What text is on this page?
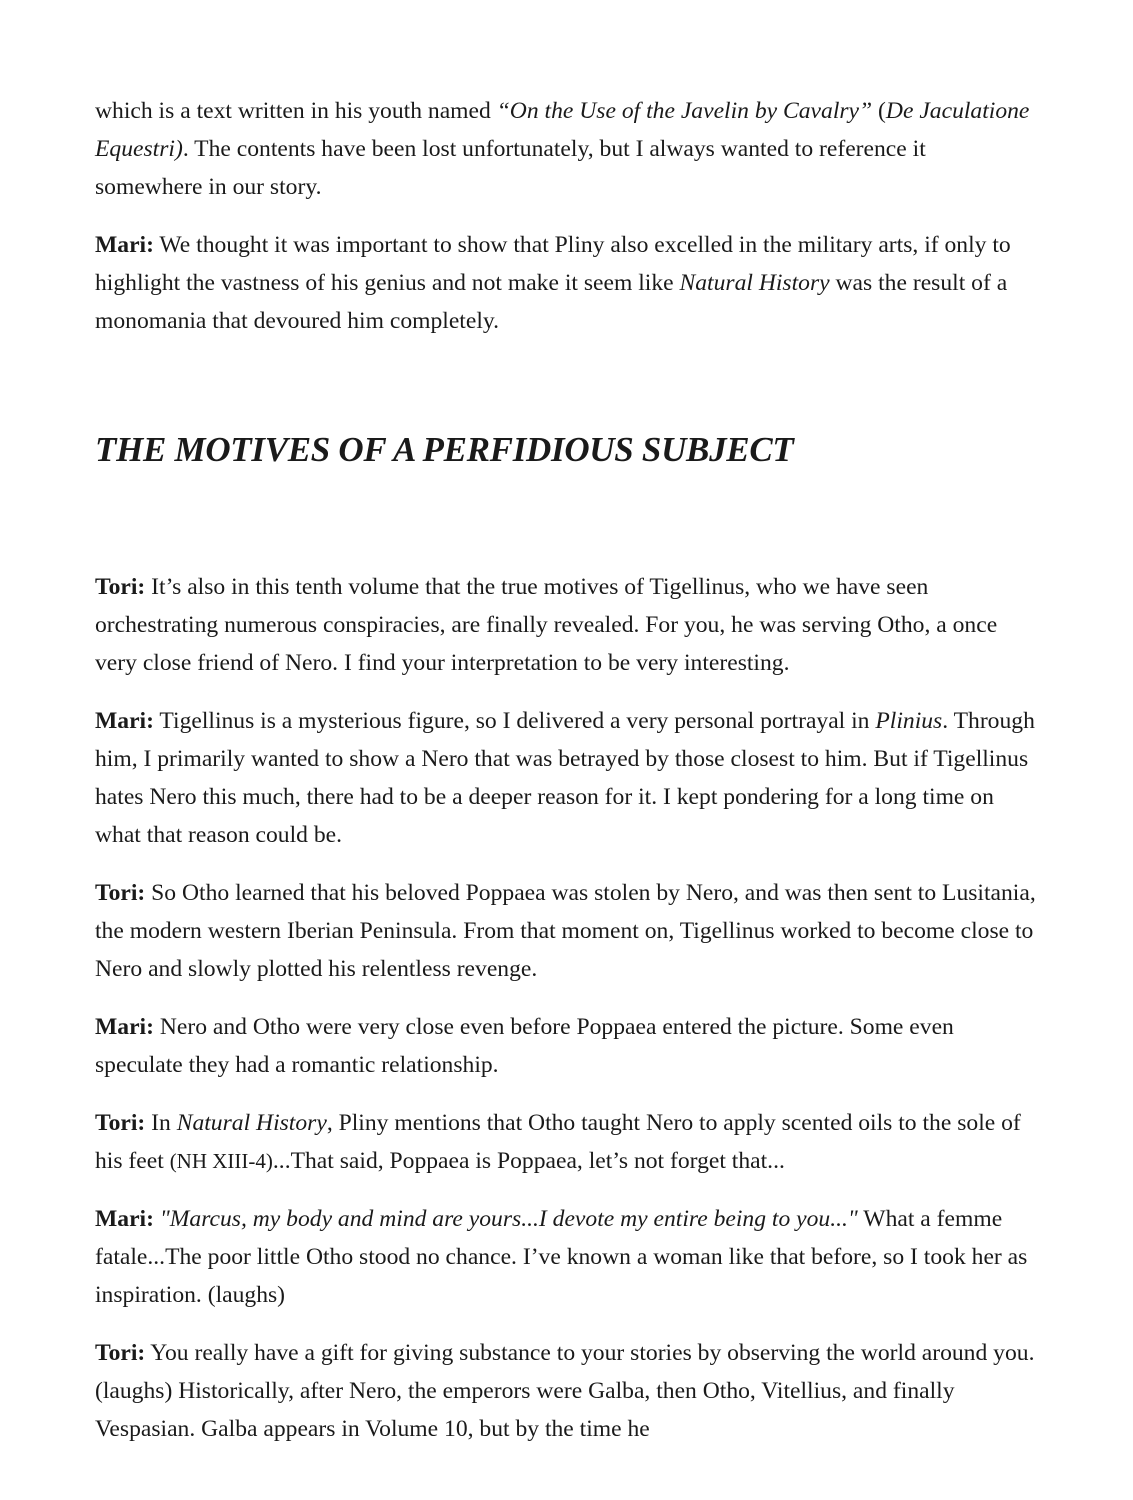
which is a text written in his youth named “On the Use of the Javelin by Cavalry” (De Jaculatione Equestri). The contents have been lost unfortunately, but I always wanted to reference it somewhere in our story.

Mari: We thought it was important to show that Pliny also excelled in the military arts, if only to highlight the vastness of his genius and not make it seem like Natural History was the result of a monomania that devoured him completely.

THE MOTIVES OF A PERFIDIOUS SUBJECT

Tori: It’s also in this tenth volume that the true motives of Tigellinus, who we have seen orchestrating numerous conspiracies, are finally revealed. For you, he was serving Otho, a once very close friend of Nero. I find your interpretation to be very interesting.

Mari: Tigellinus is a mysterious figure, so I delivered a very personal portrayal in Plinius. Through him, I primarily wanted to show a Nero that was betrayed by those closest to him. But if Tigellinus hates Nero this much, there had to be a deeper reason for it. I kept pondering for a long time on what that reason could be.

Tori: So Otho learned that his beloved Poppaea was stolen by Nero, and was then sent to Lusitania, the modern western Iberian Peninsula. From that moment on, Tigellinus worked to become close to Nero and slowly plotted his relentless revenge.

Mari: Nero and Otho were very close even before Poppaea entered the picture. Some even speculate they had a romantic relationship.

Tori: In Natural History, Pliny mentions that Otho taught Nero to apply scented oils to the sole of his feet (NH XIII-4)...That said, Poppaea is Poppaea, let’s not forget that...

Mari: "Marcus, my body and mind are yours...I devote my entire being to you..." What a femme fatale...The poor little Otho stood no chance. I’ve known a woman like that before, so I took her as inspiration. (laughs)

Tori: You really have a gift for giving substance to your stories by observing the world around you. (laughs) Historically, after Nero, the emperors were Galba, then Otho, Vitellius, and finally Vespasian. Galba appears in Volume 10, but by the time he
